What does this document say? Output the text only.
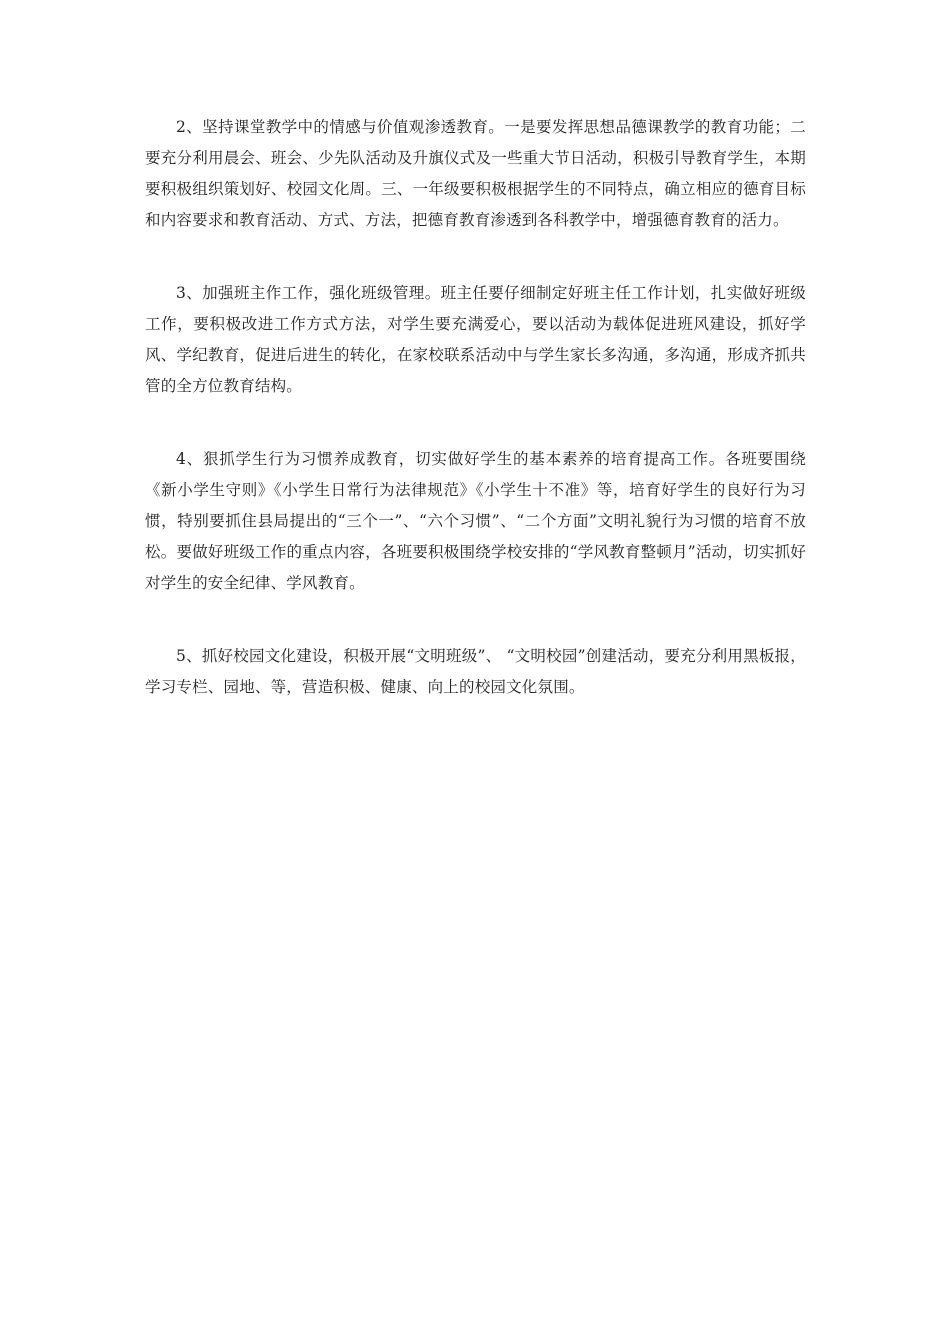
2、坚持课堂教学中的情感与价值观渗透教育。一是要发挥思想品德课教学的教育功能；二要充分利用晨会、班会、少先队活动及升旗仪式及一些重大节日活动，积极引导教育学生，本期要积极组织策划好、校园文化周。三、一年级要积极根据学生的不同特点，确立相应的德育目标和内容要求和教育活动、方式、方法，把德育教育渗透到各科教学中，增强德育教育的活力。

3、加强班主作工作，强化班级管理。班主任要仔细制定好班主任工作计划，扎实做好班级工作，要积极改进工作方式方法，对学生要充满爱心，要以活动为载体促进班风建设，抓好学风、学纪教育，促进后进生的转化，在家校联系活动中与学生家长多沟通，多沟通，形成齐抓共管的全方位教育结构。

4、狠抓学生行为习惯养成教育，切实做好学生的基本素养的培育提高工作。各班要围绕《新小学生守则》《小学生日常行为法律规范》《小学生十不准》等，培育好学生的良好行为习惯，特别要抓住县局提出的“三个一”、“六个习惯”、“二个方面”文明礼貌行为习惯的培育不放松。要做好班级工作的重点内容，各班要积极围绕学校安排的“学风教育整顿月”活动，切实抓好对学生的安全纪律、学风教育。

5、抓好校园文化建设，积极开展“文明班级”、 “文明校园”创建活动，要充分利用黑板报，学习专栏、园地、等，营造积极、健康、向上的校园文化氛围。
